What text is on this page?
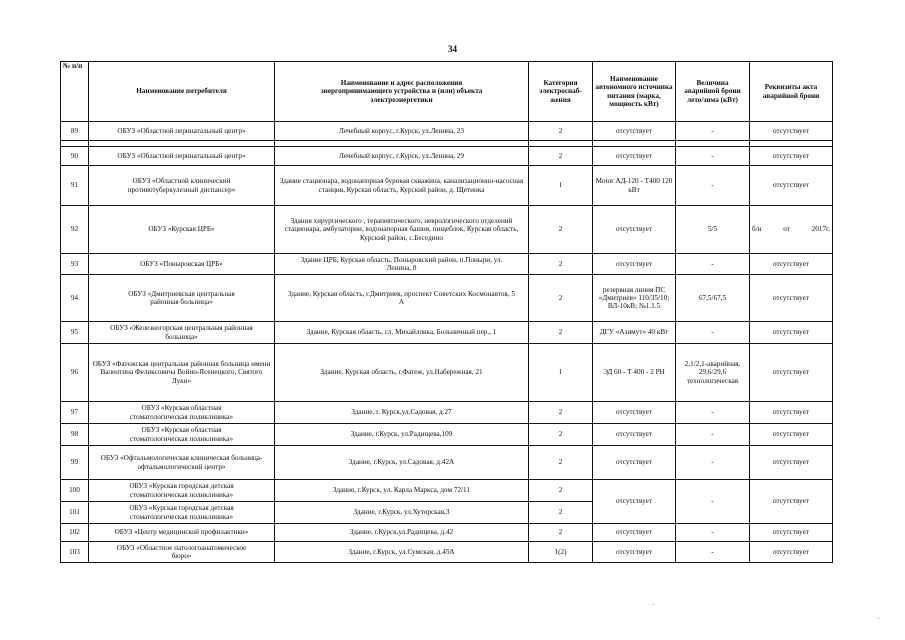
34
№ п/п	Наименование потребителя	Наименование и адрес расположения энергопринимающего устройства и (или) объекта электроэнергетики	Категория электроснаб-жения	Наименование автономного источника питания (марка, мощность кВт)	Величина аварийной брони лето/зима (кВт)	Реквизиты акта аварийной брони
89	ОБУЗ «Областной перинатальный центр»	Лечебный корпус, г.Курск, ул.Ленина, 23	2	отсутствует	-	отсутствует

90	ОБУЗ «Областной перинатальный центр»	Лечебный корпус, г.Курск, ул.Ленина, 29	2	отсутствует	-	отсутствует
91	ОБУЗ «Областной клинический противотуберкулезный диспансер»	Здание стационара, водонапорная буровая скважина, канализационно-насосная станция, Курская область, Курский район, д. Щетинка	1	Motor АД-120 - Т400 120 кВт	-	отсутствует
92	ОБУЗ «Курская ЦРБ»	Здания хирургического , терапевтического, неврологического отделений стационара, амбулатории, водонапорная башня, пищеблок, Курская область, Курский район, с.Беседино	2	отсутствует	5/5	б/н от 2017г.
93	ОБУЗ «Поныровская ЦРБ»	Здание ЦРБ, Курская область, Поныровский район, п.Поныри, ул. Ленина, 8	2	отсутствует	-	отсутствует
94	ОБУЗ «Дмитриевская центральная районная больница»	Здание, Курская область, г.Дмитриев, проспект Советских Космонавтов, 5 А	2	резервная линия ПС «Дмитриев» 110/35/10; ВЛ-10кВ; №1.1.5	67,5/67,5	отсутствует
95	ОБУЗ «Железногорская центральная районная больница»	Здание, Курская область, сл. Михайловка, Больничный пер., 1	2	ДГУ «Азимут» 40 кВт	-	отсутствует
96	ОБУЗ «Фатежская центральная районная больница имени Валентина Феликсовича Войно-Ясенецкого, Святого Луки»	Здание, Курская область, г.Фатеж, ул.Набережная, 21	1	ЭД 60 - Т 400 - 2 РН	2,1/2,1-аварийная, 29,6/29,6 технологическая	отсутствует
97	ОБУЗ «Курская областная стоматологическая поликлиника»	Здание, г. Курск,ул.Садовая, д.27	2	отсутствует	-	отсутствует
98	ОБУЗ «Курская областная стоматологическая поликлиника»	Здание, г.Курск, ул.Радищева,109	2	отсутствует	-	отсутствует
99	ОБУЗ «Офтальмологическая клиническая больница-офтальмологический центр»	Здание, г.Курск, ул.Садовая, д.42А	2	отсутствует	-	отсутствует
100	ОБУЗ «Курская городская детская стоматологическая поликлиника»	Здание, г.Курск, ул. Карла Маркса, дом 72/11	2	отсутствует	-	отсутствует
101	ОБУЗ «Курская городская детская стоматологическая поликлиника»	Здание, г.Курск, ул.Хуторская,3	2			
102	ОБУЗ «Центр медицинской профилактики»	Здание, г.Курск,ул.Радищева, д.42	2	отсутствует	-	отсутствует
103	ОБУЗ «Областное патологоанатомическое бюро»	Здание, г.Курск, ул.Сумская, д.45А	1(2)	отсутствует	-	отсутствует
